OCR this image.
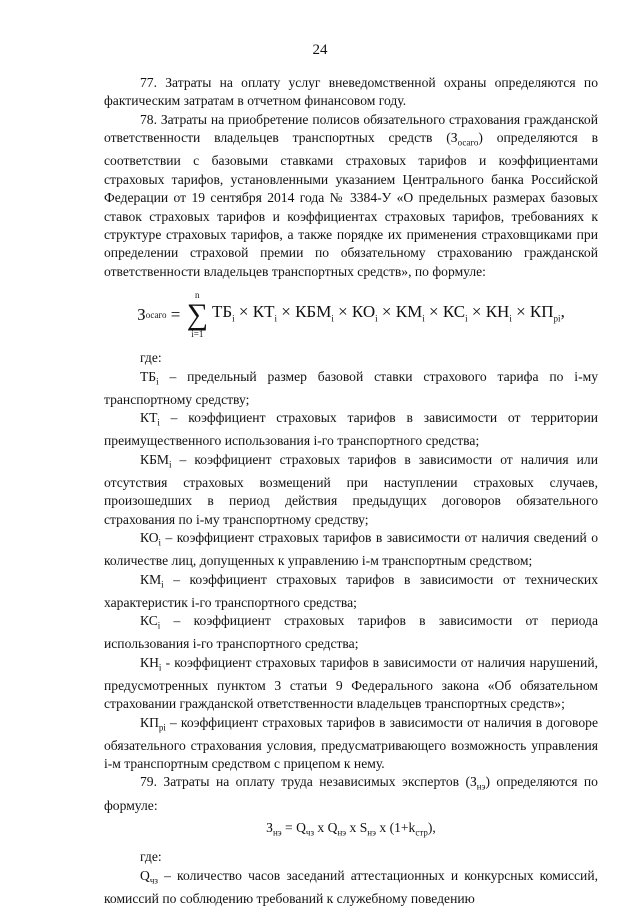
24

77. Затраты на оплату услуг вневедомственной охраны определяются по фактическим затратам в отчетном финансовом году.

78. Затраты на приобретение полисов обязательного страхования гражданской ответственности владельцев транспортных средств $(З_{осаго})$ определяются в соответствии с базовыми ставками страховых тарифов и коэффициентами страховых тарифов, установленными указанием Центрального банка Российской Федерации от 19 сентября 2014 года № 3384-У «О предельных размерах базовых ставок страховых тарифов и коэффициентах страховых тарифов, требованиях к структуре страховых тарифов, а также порядке их применения страховщиками при определении страховой премии по обязательному страхованию гражданской ответственности владельцев транспортных средств», по формуле:

З осаго =
n
∑
i=1
$ТБ_i \times КТ_i \times КБМ_i \times КО_i \times КМ_i \times КС_i \times КН_i \times КП_{pi}$,

где:

$ТБ_i$ – предельный размер базовой ставки страхового тарифа по i-му транспортному средству;

$КТ_i$ – коэффициент страховых тарифов в зависимости от территории преимущественного использования i-го транспортного средства;

$КБМ_i$ – коэффициент страховых тарифов в зависимости от наличия или отсутствия страховых возмещений при наступлении страховых случаев, произошедших в период действия предыдущих договоров обязательного страхования по i-му транспортному средству;

$КО_i$ – коэффициент страховых тарифов в зависимости от наличия сведений о количестве лиц, допущенных к управлению i-м транспортным средством;

$КМ_i$ – коэффициент страховых тарифов в зависимости от технических характеристик i-го транспортного средства;

$КС_i$ – коэффициент страховых тарифов в зависимости от периода использования i-го транспортного средства;

$КН_i$ - коэффициент страховых тарифов в зависимости от наличия нарушений, предусмотренных пунктом 3 статьи 9 Федерального закона «Об обязательном страховании гражданской ответственности владельцев транспортных средств»;

$КП_{pi}$ – коэффициент страховых тарифов в зависимости от наличия в договоре обязательного страхования условия, предусматривающего возможность управления i-м транспортным средством с прицепом к нему.

79. Затраты на оплату труда независимых экспертов $(З_{нэ})$ определяются по формуле:

$З_{нэ} = Q_{чз}$ x $Q_{нэ}$ x $S_{нэ}$ x $(1+k_{стр})$,

где:

$Q_{чз}$ – количество часов заседаний аттестационных и конкурсных комиссий, комиссий по соблюдению требований к служебному поведению
